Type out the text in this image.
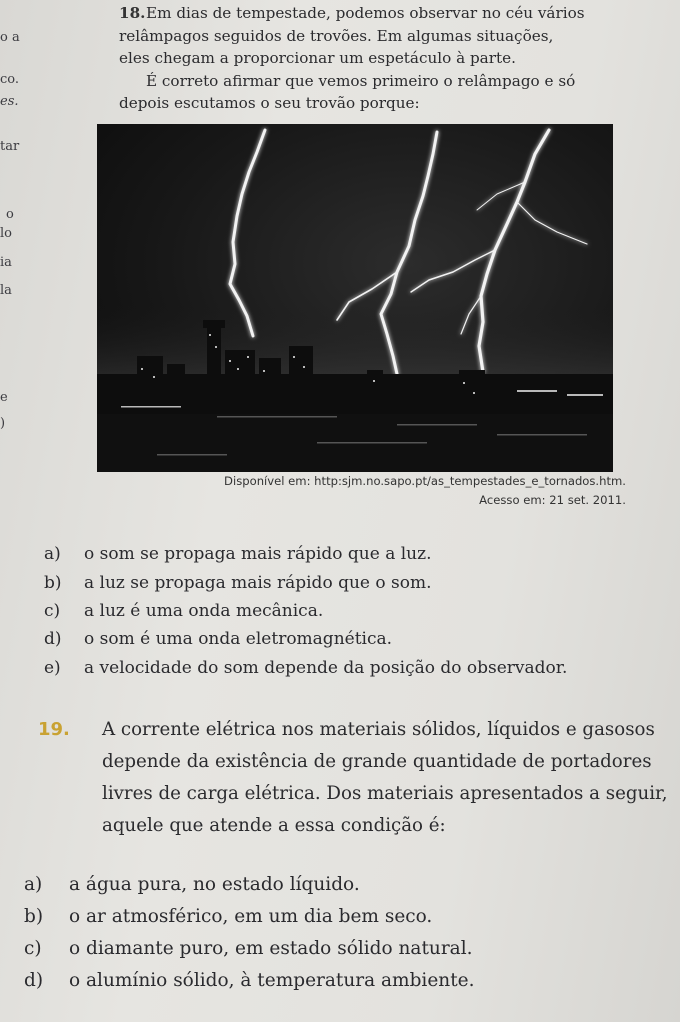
o a
co.
es.
tar
o
lo
ia
la
e
)
18. Em dias de tempestade, podemos observar no céu vários
relâmpagos seguidos de trovões. Em algumas situações,
eles chegam a proporcionar um espetáculo à parte.
É correto afirmar que vemos primeiro o relâmpago e só
depois escutamos o seu trovão porque:
Disponível em: http:sjm.no.sapo.pt/as_tempestades_e_tornados.htm.
Acesso em: 21 set. 2011.
a) o som se propaga mais rápido que a luz.
b) a luz se propaga mais rápido que o som.
c) a luz é uma onda mecânica.
d) o som é uma onda eletromagnética.
e) a velocidade do som depende da posição do observador.
19.	A corrente elétrica nos materiais sólidos, líquidos e gasosos
depende da existência de grande quantidade de portadores
livres de carga elétrica. Dos materiais apresentados a seguir,
aquele que atende a essa condição é:
a) a água pura, no estado líquido.
b) o ar atmosférico, em um dia bem seco.
c) o diamante puro, em estado sólido natural.
d) o alumínio sólido, à temperatura ambiente.
